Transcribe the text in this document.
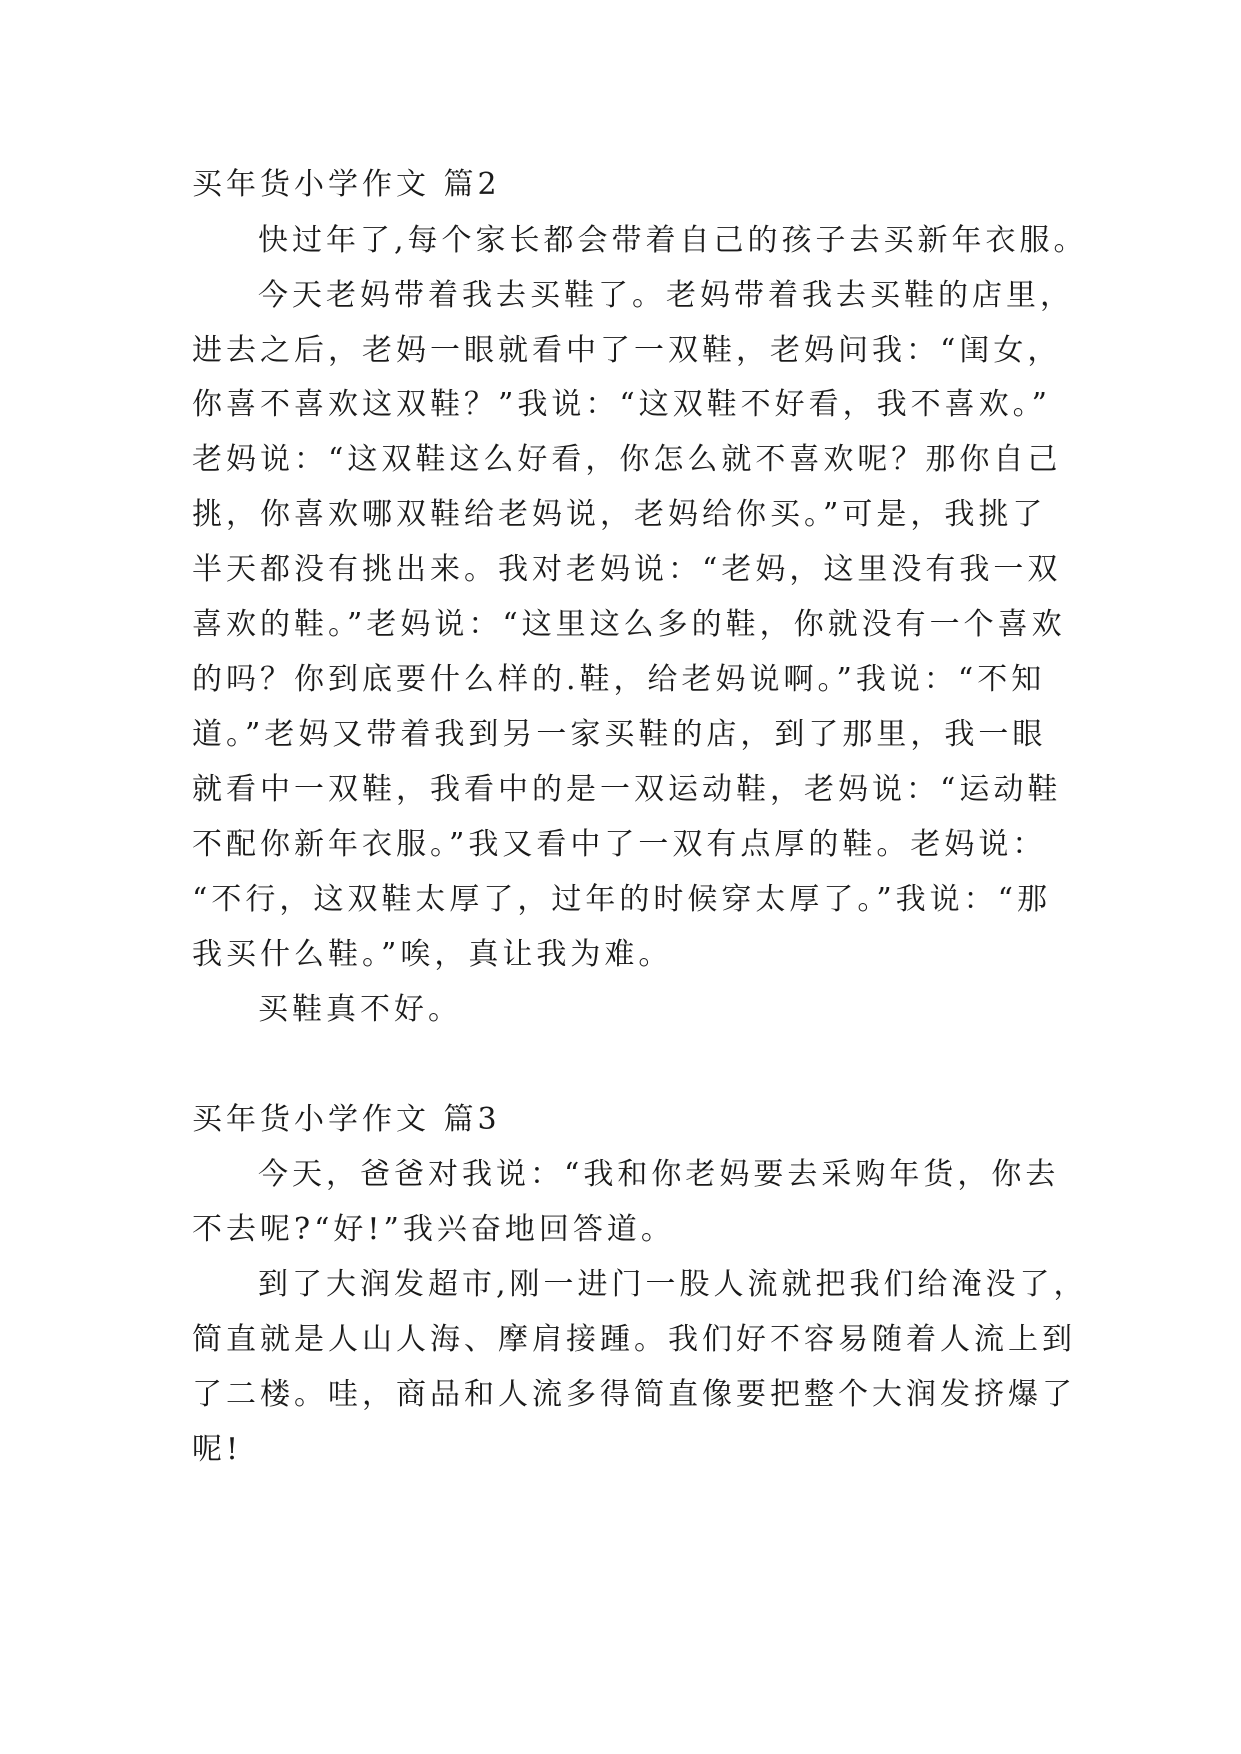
买年货小学作文 篇2
快过年了,每个家长都会带着自己的孩子去买新年衣服。
今天老妈带着我去买鞋了。老妈带着我去买鞋的店里，
进去之后，老妈一眼就看中了一双鞋，老妈问我：“闺女，
你喜不喜欢这双鞋？”我说：“这双鞋不好看，我不喜欢。”
老妈说：“这双鞋这么好看，你怎么就不喜欢呢？那你自己
挑，你喜欢哪双鞋给老妈说，老妈给你买。”可是，我挑了
半天都没有挑出来。我对老妈说：“老妈，这里没有我一双
喜欢的鞋。”老妈说：“这里这么多的鞋，你就没有一个喜欢
的吗？你到底要什么样的.鞋，给老妈说啊。”我说：“不知
道。”老妈又带着我到另一家买鞋的店，到了那里，我一眼
就看中一双鞋，我看中的是一双运动鞋，老妈说：“运动鞋
不配你新年衣服。”我又看中了一双有点厚的鞋。老妈说：
“不行，这双鞋太厚了，过年的时候穿太厚了。”我说：“那
我买什么鞋。”唉，真让我为难。
买鞋真不好。
买年货小学作文 篇3
今天，爸爸对我说：“我和你老妈要去采购年货，你去
不去呢?“好!”我兴奋地回答道。
到了大润发超市,刚一进门一股人流就把我们给淹没了，
简直就是人山人海、摩肩接踵。我们好不容易随着人流上到
了二楼。哇，商品和人流多得简直像要把整个大润发挤爆了
呢!
